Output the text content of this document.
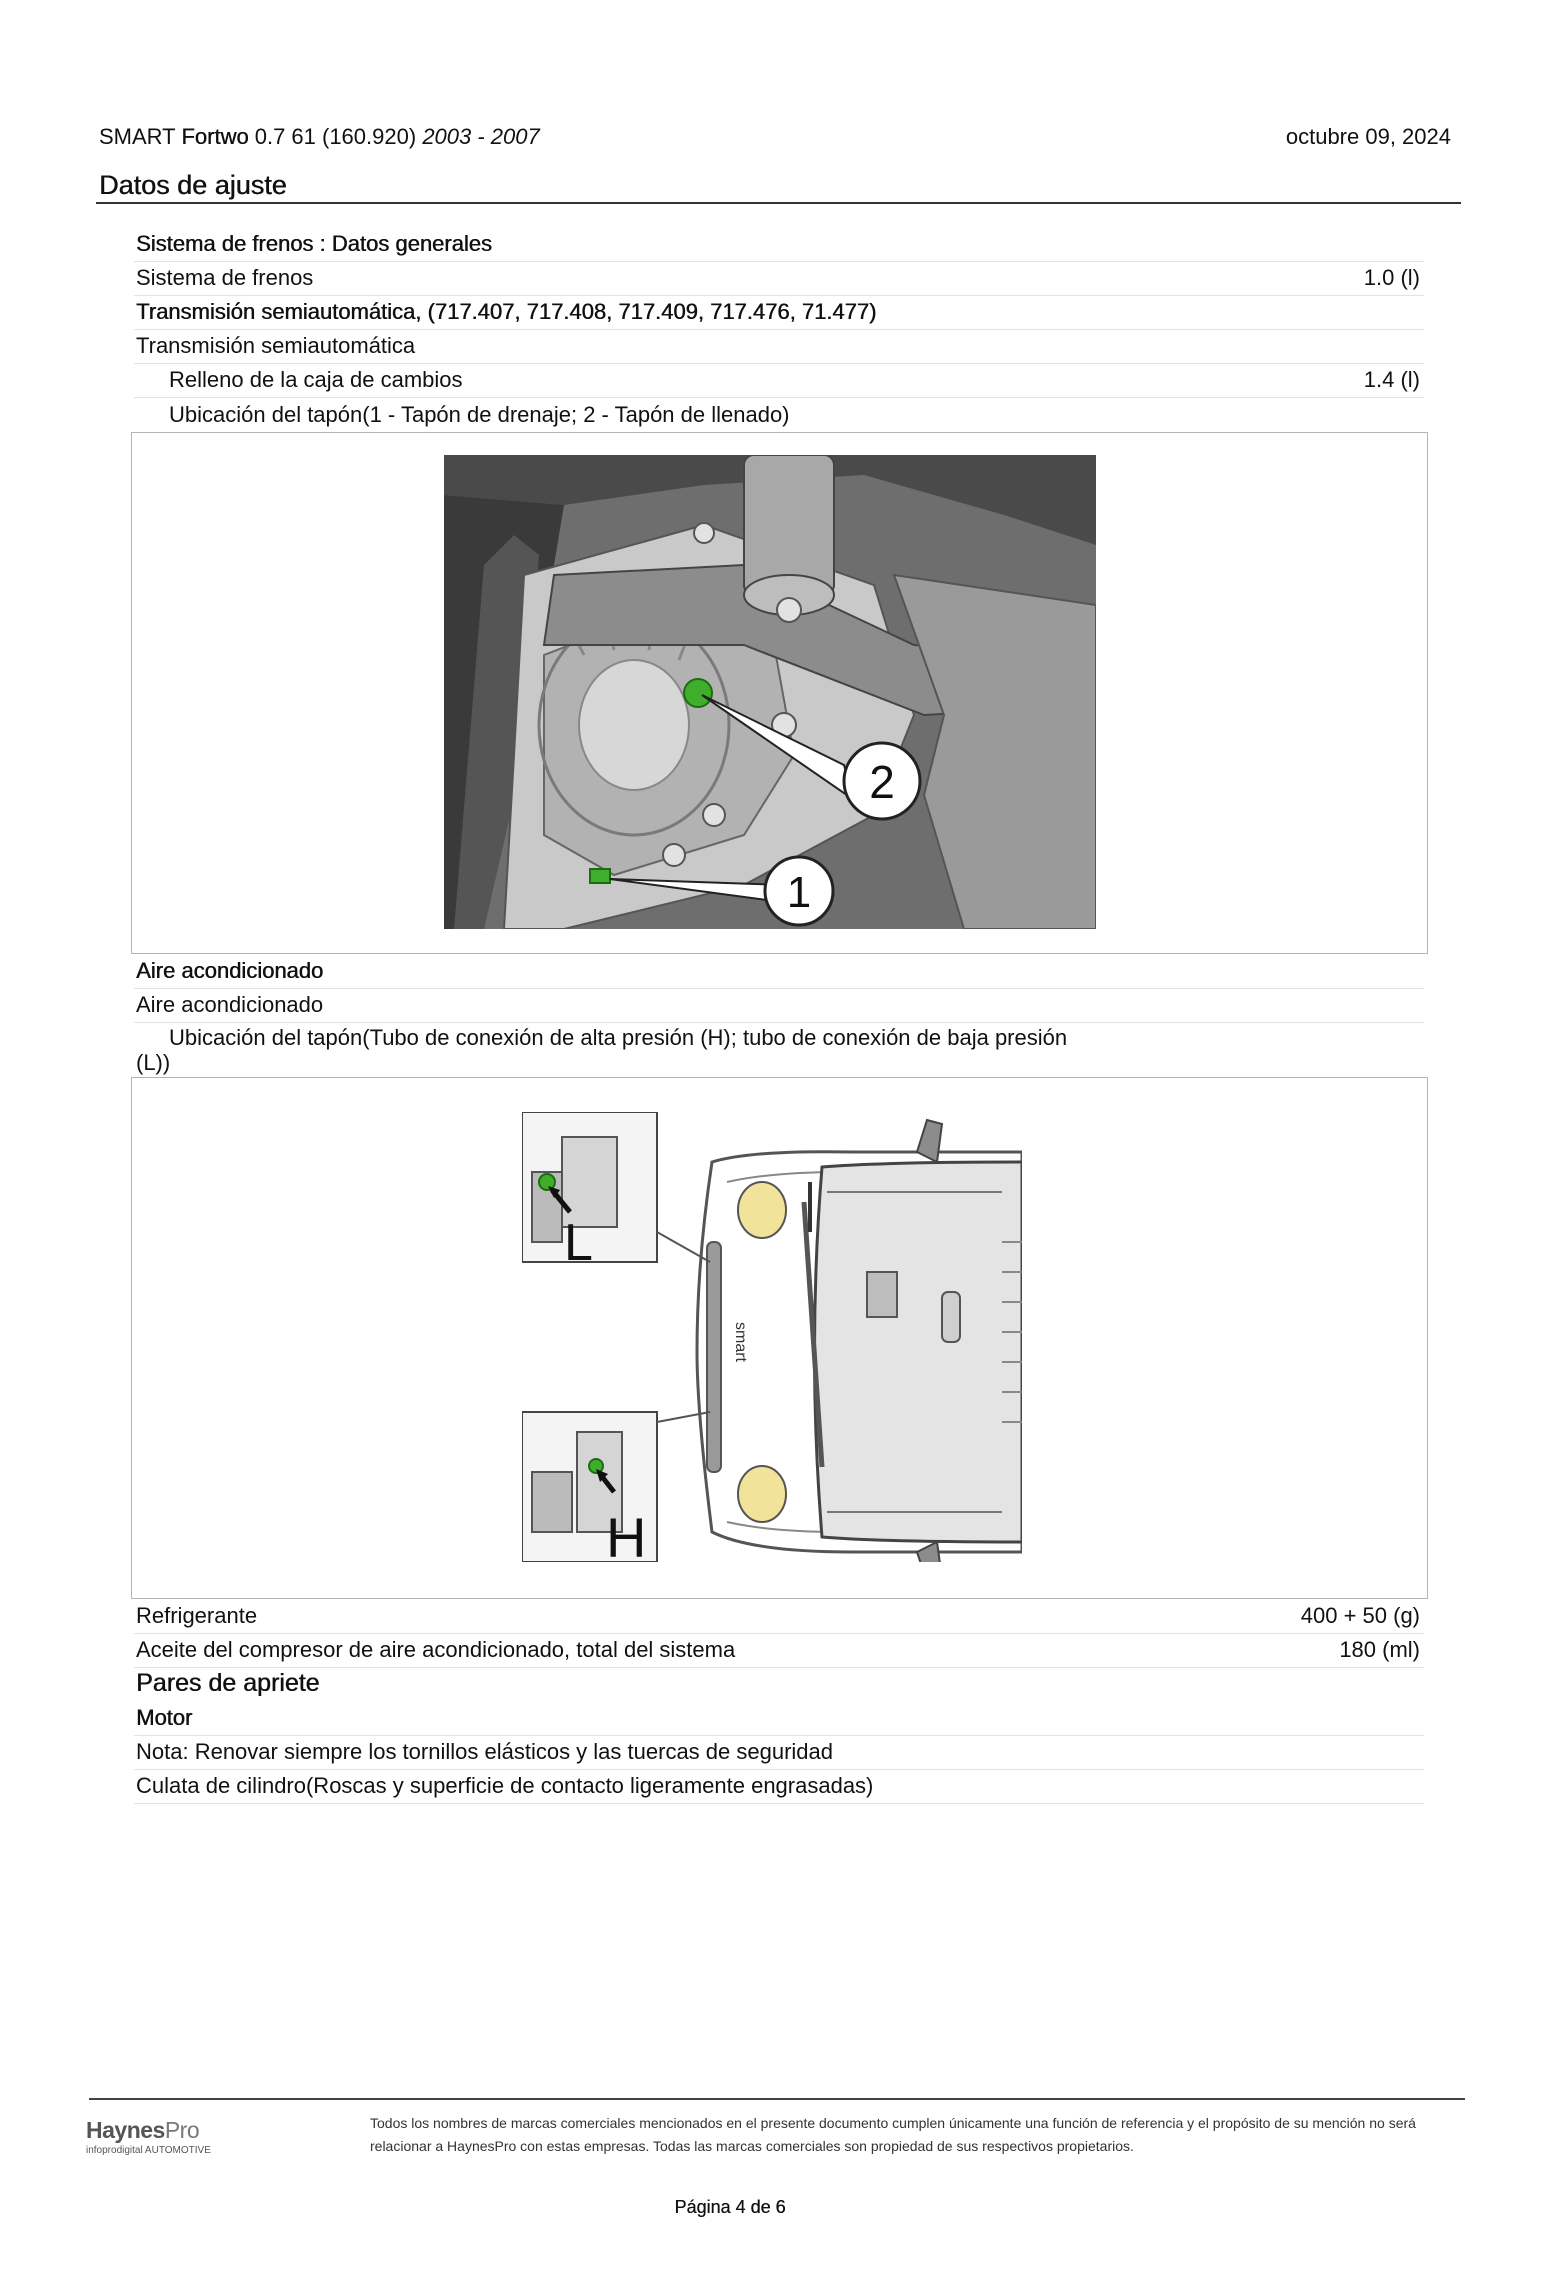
SMART Fortwo 0.7 61 (160.920) 2003 - 2007	octubre 09, 2024
Datos de ajuste
Sistema de frenos : Datos generales
Sistema de frenos	1.0 (l)
Transmisión semiautomática, (717.407, 717.408, 717.409, 717.476, 71.477)
Transmisión semiautomática
Relleno de la caja de cambios	1.4 (l)
Ubicación del tapón(1 - Tapón de drenaje; 2 - Tapón de llenado)
2
1
Aire acondicionado
Aire acondicionado
Ubicación del tapón(Tubo de conexión de alta presión (H); tubo de conexión de baja presión (L))
smart
L
H
Refrigerante	400 + 50 (g)
Aceite del compresor de aire acondicionado, total del sistema	180 (ml)
Pares de apriete
Motor
Nota: Renovar siempre los tornillos elásticos y las tuercas de seguridad
Culata de cilindro(Roscas y superficie de contacto ligeramente engrasadas)
HaynesPro
infoprodigital AUTOMOTIVE
Todos los nombres de marcas comerciales mencionados en el presente documento cumplen únicamente una función de referencia y el propósito de su mención no será relacionar a HaynesPro con estas empresas. Todas las marcas comerciales son propiedad de sus respectivos propietarios.
Página 4 de 6
